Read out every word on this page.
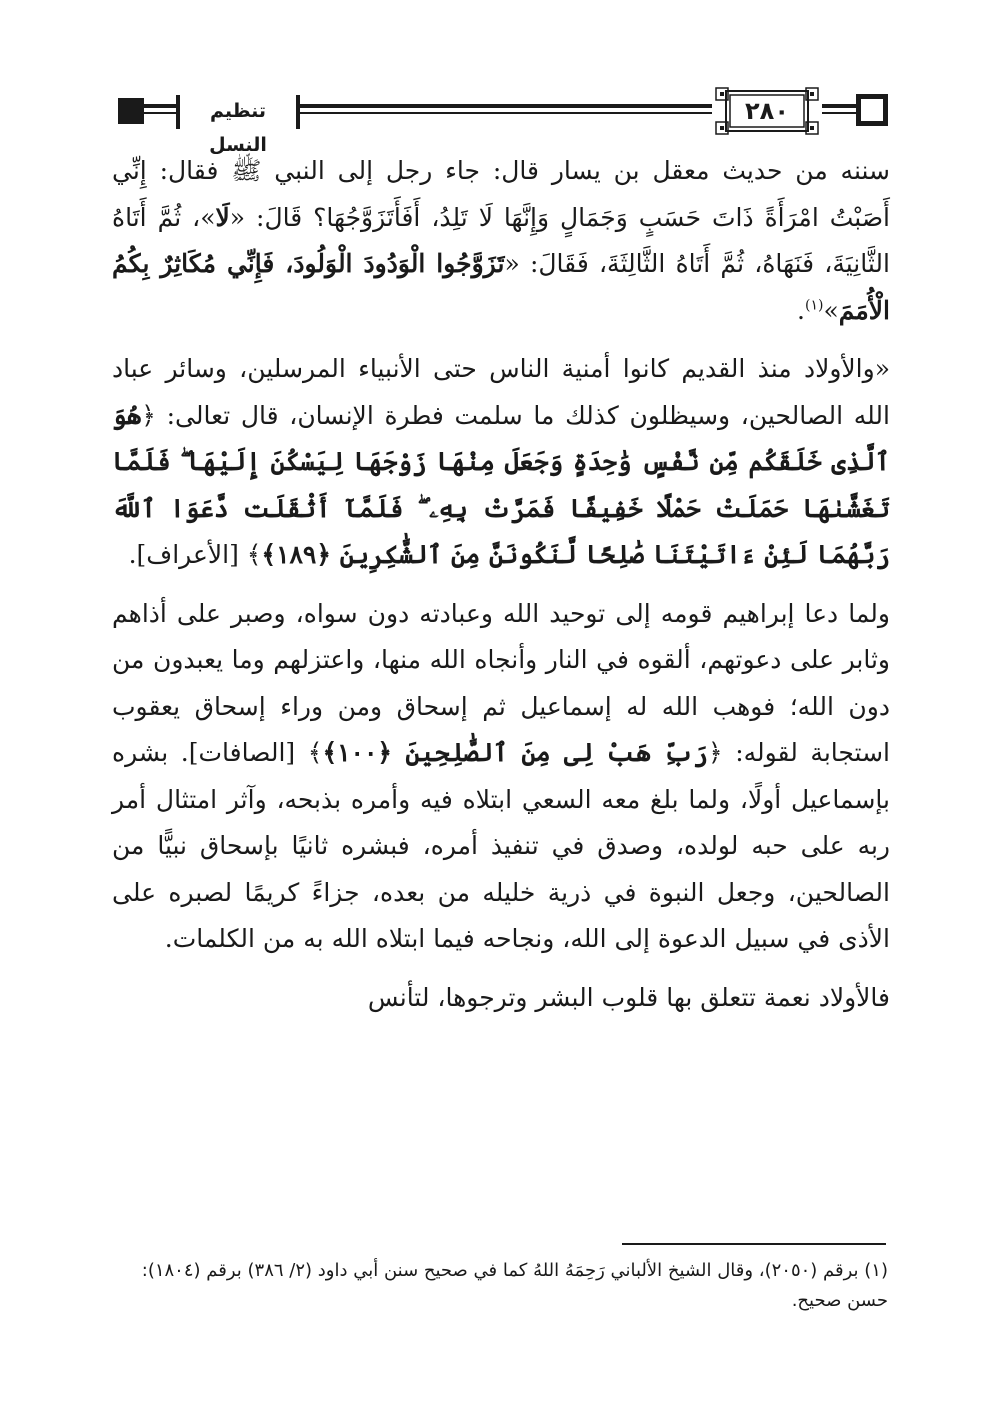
تنظيم النسل
٢٨٠

سننه من حديث معقل بن يسار قال: جاء رجل إلى النبي ﷺ فقال: إِنِّي أَصَبْتُ امْرَأَةً ذَاتَ حَسَبٍ وَجَمَالٍ وَإِنَّهَا لَا تَلِدُ، أَفَأَتَزَوَّجُهَا؟ قَالَ: «لَا»، ثُمَّ أَتَاهُ الثَّانِيَةَ، فَنَهَاهُ، ثُمَّ أَتَاهُ الثَّالِثَةَ، فَقَالَ: «تَزَوَّجُوا الْوَدُودَ الْوَلُودَ، فَإِنِّي مُكَاثِرٌ بِكُمُ الْأُمَمَ»$^{(١)}$.

«والأولاد منذ القديم كانوا أمنية الناس حتى الأنبياء المرسلين، وسائر عباد الله الصالحين، وسيظلون كذلك ما سلمت فطرة الإنسان، قال تعالى: ﴿هُوَ ٱلَّذِى خَلَقَكُم مِّن نَّفْسٍ وَٰحِدَةٍ وَجَعَلَ مِنْهَا زَوْجَهَا لِيَسْكُنَ إِلَيْهَا ۖ فَلَمَّا تَغَشَّىٰهَا حَمَلَتْ حَمْلًا خَفِيفًا فَمَرَّتْ بِهِۦ ۖ فَلَمَّآ أَثْقَلَت دَّعَوَا ٱللَّهَ رَبَّهُمَا لَئِنْ ءَاتَيْتَنَا صَٰلِحًا لَّنَكُونَنَّ مِنَ ٱلشَّٰكِرِينَ ﴿١٨٩﴾﴾ [الأعراف].

ولما دعا إبراهيم قومه إلى توحيد الله وعبادته دون سواه، وصبر على أذاهم وثابر على دعوتهم، ألقوه في النار وأنجاه الله منها، واعتزلهم وما يعبدون من دون الله؛ فوهب الله له إسماعيل ثم إسحاق ومن وراء إسحاق يعقوب استجابة لقوله: ﴿رَبِّ هَبْ لِى مِنَ ٱلصَّٰلِحِينَ ﴿١٠٠﴾﴾ [الصافات]. بشره بإسماعيل أولًا، ولما بلغ معه السعي ابتلاه فيه وأمره بذبحه، وآثر امتثال أمر ربه على حبه لولده، وصدق في تنفيذ أمره، فبشره ثانيًا بإسحاق نبيًّا من الصالحين، وجعل النبوة في ذرية خليله من بعده، جزاءً كريمًا لصبره على الأذى في سبيل الدعوة إلى الله، ونجاحه فيما ابتلاه الله به من الكلمات.

فالأولاد نعمة تتعلق بها قلوب البشر وترجوها، لتأنس

(١) برقم (٢٠٥٠)، وقال الشيخ الألباني رَحِمَهُ اللهُ كما في صحيح سنن أبي داود (٢/ ٣٨٦) برقم (١٨٠٤): حسن صحيح.
